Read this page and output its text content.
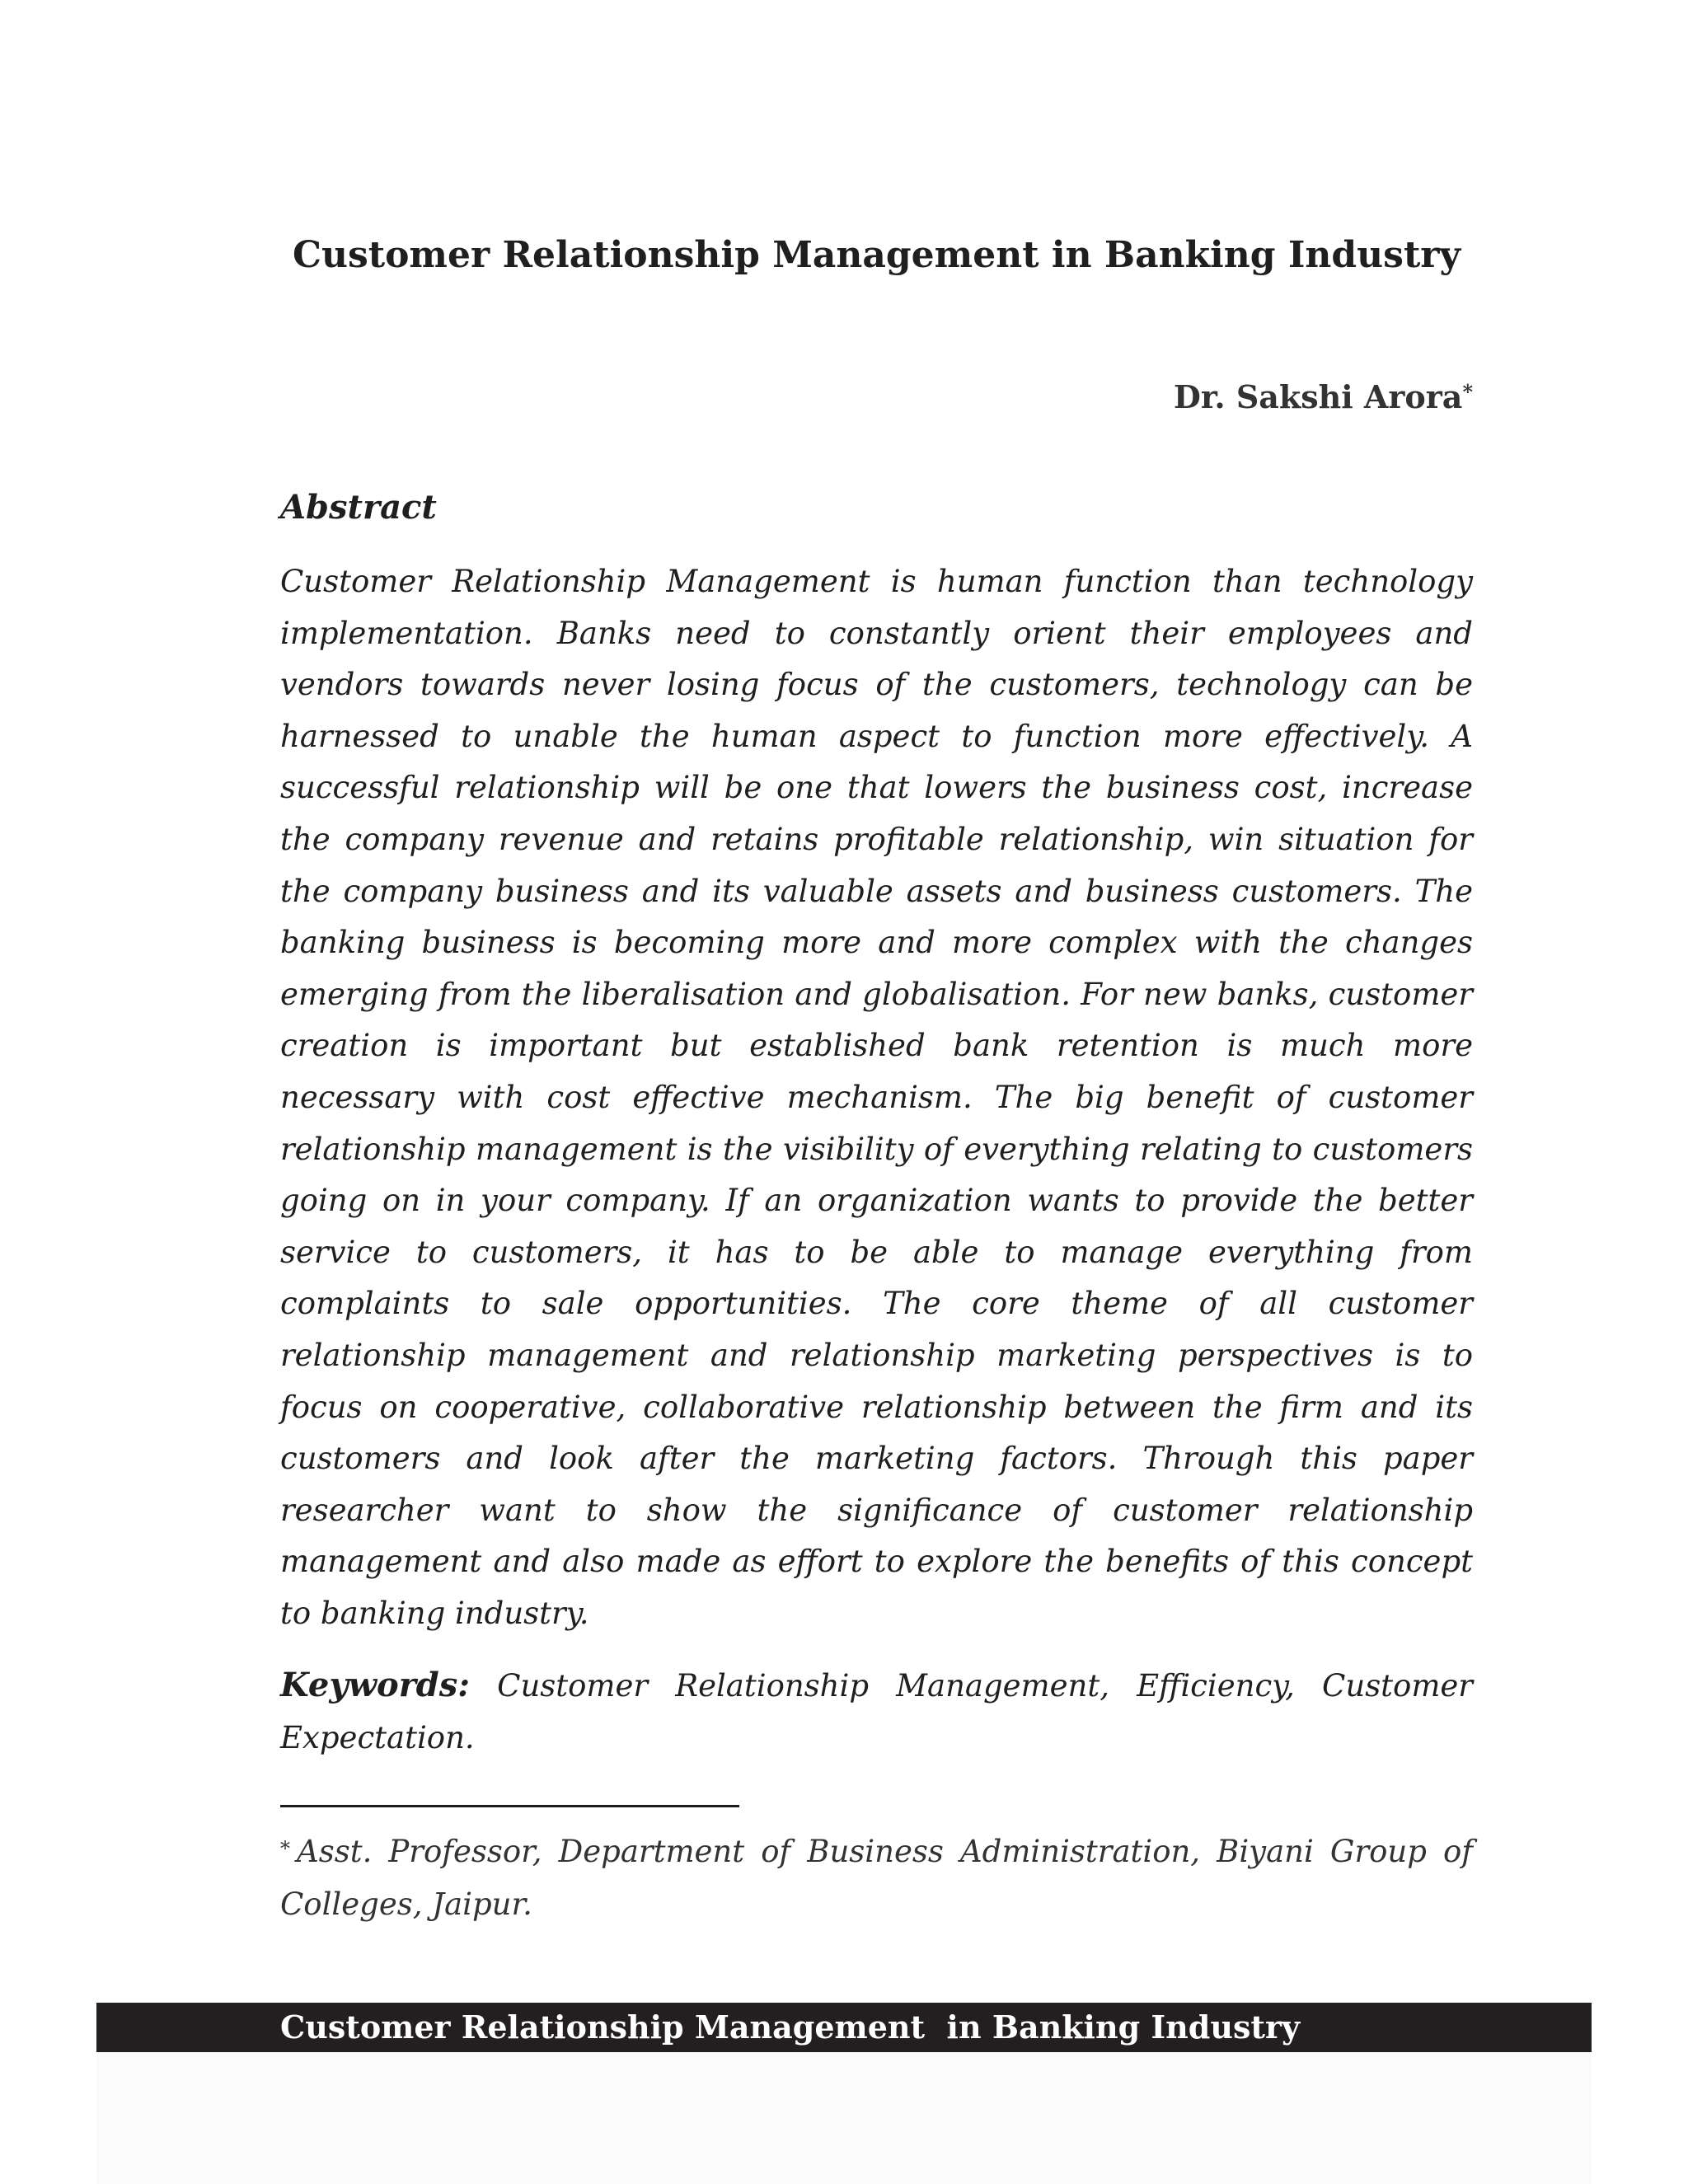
Customer Relationship Management in Banking Industry

Dr. Sakshi Arora*

Abstract

Customer Relationship Management is human function than technology implementation. Banks need to constantly orient their employees and vendors towards never losing focus of the customers, technology can be harnessed to unable the human aspect to function more effectively. A successful relationship will be one that lowers the business cost, increase the company revenue and retains profitable relationship, win situation for the company business and its valuable assets and business customers. The banking business is becoming more and more complex with the changes emerging from the liberalisation and globalisation. For new banks, customer creation is important but established bank retention is much more necessary with cost effective mechanism. The big benefit of customer relationship management is the visibility of everything relating to customers going on in your company. If an organization wants to provide the better service to customers, it has to be able to manage everything from complaints to sale opportunities. The core theme of all customer relationship management and relationship marketing perspectives is to focus on cooperative, collaborative relationship between the firm and its customers and look after the marketing factors. Through this paper researcher want to show the significance of customer relationship management and also made as effort to explore the benefits of this concept to banking industry.

Keywords: Customer Relationship Management, Efficiency, Customer Expectation.

* Asst. Professor, Department of Business Administration, Biyani Group of Colleges, Jaipur.

Customer Relationship Management  in Banking Industry
